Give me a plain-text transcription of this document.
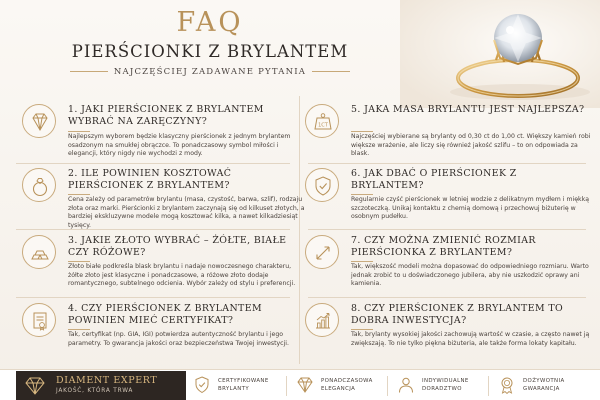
FAQ
PIERŚCIONKI Z BRYLANTEM
NAJCZĘŚCIEJ ZADAWANE PYTANIA
1. JAKI PIERŚCIONEK Z BRYLANTEM WYBRAĆ NA ZARĘCZYNY?
Najlepszym wyborem będzie klasyczny pierścionek z jednym brylantem osadzonym na smukłej obrączce. To ponadczasowy symbol miłości i elegancji, który nigdy nie wychodzi z mody.
2. ILE POWINIEN KOSZTOWAĆ PIERŚCIONEK Z BRYLANTEM?
Cena zależy od parametrów brylantu (masa, czystość, barwa, szlif), rodzaju złota oraz marki. Pierścionki z brylantem zaczynają się od kilkuset złotych, a bardziej ekskluzywne modele mogą kosztować kilka, a nawet kilkadziesiąt tysięcy.
3. JAKIE ZŁOTO WYBRAĆ – ŻÓŁTE, BIAŁE CZY RÓŻOWE?
Złoto białe podkreśla blask brylantu i nadaje nowoczesnego charakteru, żółte złoto jest klasyczne i ponadczasowe, a różowe złoto dodaje romantycznego, subtelnego odcienia. Wybór zależy od stylu i preferencji.
4. CZY PIERŚCIONEK Z BRYLANTEM POWINIEN MIEĆ CERTYFIKAT?
Tak, certyfikat (np. GIA, IGI) potwierdza autentyczność brylantu i jego parametry. To gwarancja jakości oraz bezpieczeństwa Twojej inwestycji.
1CT
5. JAKA MASA BRYLANTU JEST NAJLEPSZA?
Najczęściej wybierane są brylanty od 0,30 ct do 1,00 ct. Większy kamień robi większe wrażenie, ale liczy się również jakość szlifu – to on odpowiada za blask.
6. JAK DBAĆ O PIERŚCIONEK Z BRYLANTEM?
Regularnie czyść pierścionek w letniej wodzie z delikatnym mydłem i miękką szczoteczką. Unikaj kontaktu z chemią domową i przechowuj biżuterię w osobnym pudełku.
7. CZY MOŻNA ZMIENIĆ ROZMIAR PIERŚCIONKA Z BRYLANTEM?
Tak, większość modeli można dopasować do odpowiedniego rozmiaru. Warto jednak zrobić to u doświadczonego jubilera, aby nie uszkodzić oprawy ani kamienia.
8. CZY PIERŚCIONEK Z BRYLANTEM TO DOBRA INWESTYCJA?
Tak, brylanty wysokiej jakości zachowują wartość w czasie, a często nawet ją zwiększają. To nie tylko piękna biżuteria, ale także forma lokaty kapitału.
DIAMENT EXPERT
JAKOŚĆ, KTÓRA TRWA
CERTYFIKOWANE
BRYLANTY
PONADCZASOWA
ELEGANCJA
INDYWIDUALNE
DORADZTWO
DOŻYWOTNIA
GWARANCJA
